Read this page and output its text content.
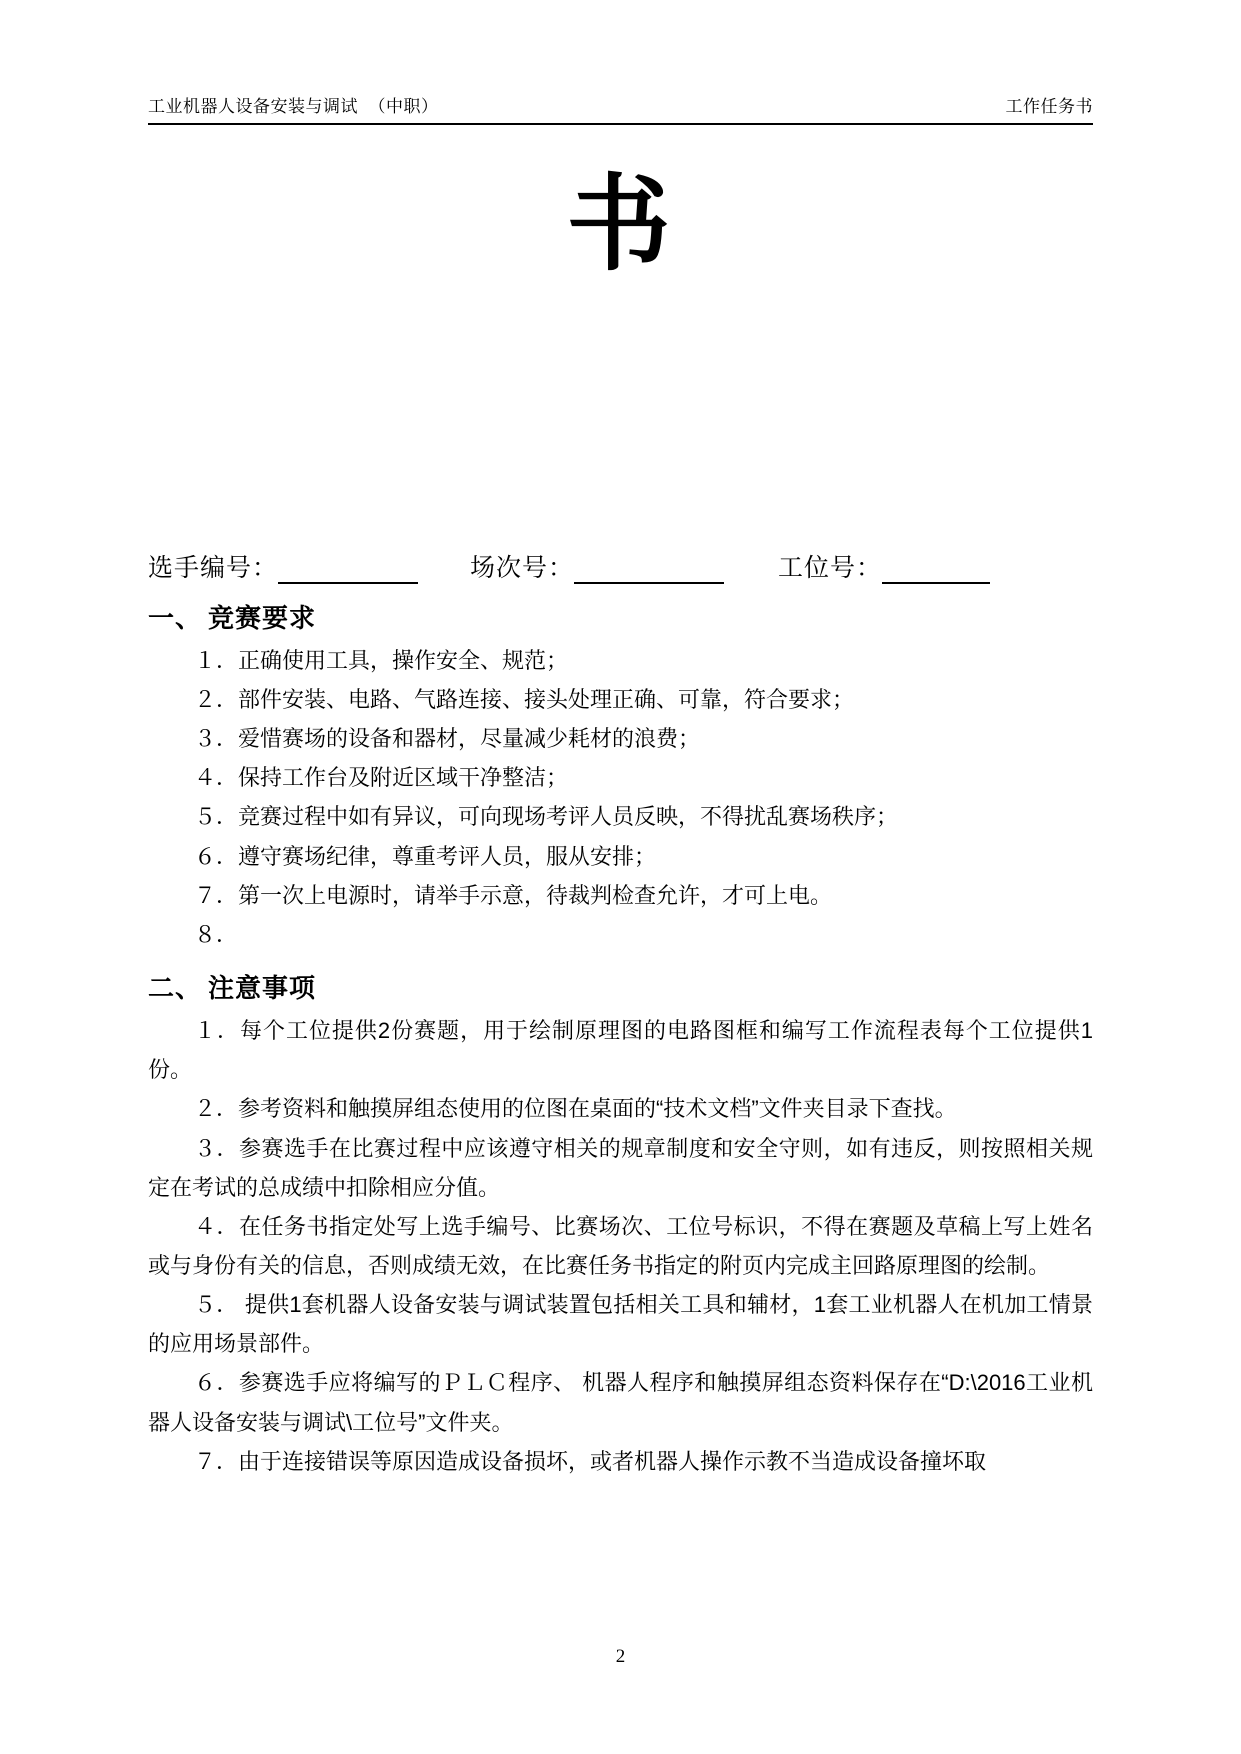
工业机器人设备安装与调试  （中职）	工作任务书
书
选手编号：	场次号：	工位号：
一、 竞赛要求
１．正确使用工具，操作安全、规范；
２．部件安装、电路、气路连接、接头处理正确、可靠，符合要求；
３．爱惜赛场的设备和器材，尽量减少耗材的浪费；
４．保持工作台及附近区域干净整洁；
５．竞赛过程中如有异议，可向现场考评人员反映，不得扰乱赛场秩序；
６．遵守赛场纪律，尊重考评人员，服从安排；
７．第一次上电源时，请举手示意，待裁判检查允许，才可上电。
８．
二、 注意事项
１．每个工位提供2份赛题，用于绘制原理图的电路图框和编写工作流程表每个工位提供1份。
２．参考资料和触摸屏组态使用的位图在桌面的“技术文档”文件夹目录下查找。
３．参赛选手在比赛过程中应该遵守相关的规章制度和安全守则，如有违反，则按照相关规定在考试的总成绩中扣除相应分值。
４．在任务书指定处写上选手编号、比赛场次、工位号标识，不得在赛题及草稿上写上姓名或与身份有关的信息，否则成绩无效，在比赛任务书指定的附页内完成主回路原理图的绘制。
５． 提供1套机器人设备安装与调试装置包括相关工具和辅材，1套工业机器人在机加工情景的应用场景部件。
６．参赛选手应将编写的ＰＬＣ程序、 机器人程序和触摸屏组态资料保存在“D:\2016工业机器人设备安装与调试\工位号”文件夹。
７．由于连接错误等原因造成设备损坏，或者机器人操作示教不当造成设备撞坏取
2
